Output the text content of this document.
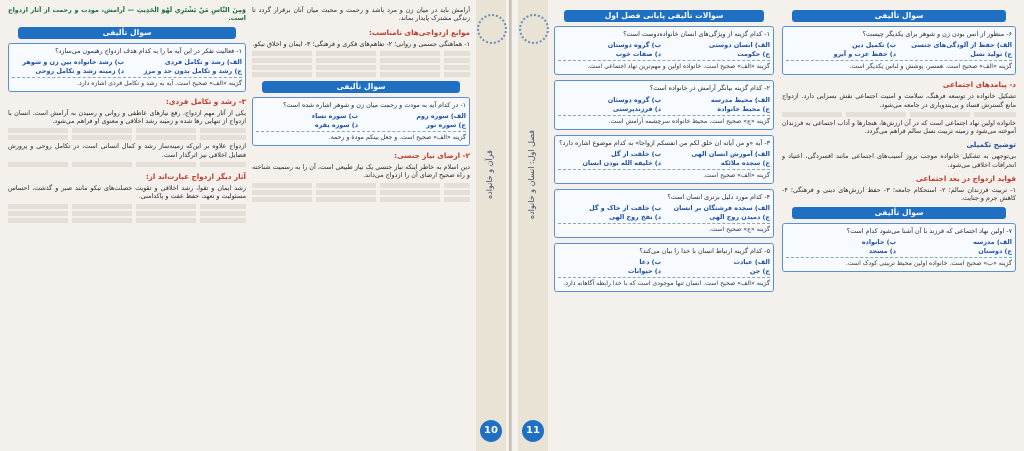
وَمِنَ النَّاسِ مَنْ يَشْتَرِي لَهْوَ الْحَدِيثِ — آرامش، مودت و رحمت از آثار ازدواج است.

سوال تألیفی

۱- فعالیت تفکر در این آیه ما را به کدام هدف ازدواج رهنمون می‌سازد؟

الف) رشد و تکامل فردی
ب) رشد خانواده بین زن و شوهر
ج) رشد و تکامل بدون حد و مرز
د) زمینه رشد و تکامل روحی
گزینه «الف» صحیح است. آیه به رشد و تکامل فردی اشاره دارد.
۳- رشد و تکامل فردی:

یکی از آثار مهم ازدواج، رفع نیازهای عاطفی و روانی و رسیدن به آرامش است. انسان با ازدواج از تنهایی رها شده و زمینه رشد اخلاقی و معنوی او فراهم می‌شود.

ازدواج علاوه بر این‌که زمینه‌ساز رشد و کمال انسانی است، در تکامل روحی و پرورش فضایل اخلاقی نیز اثرگذار است.

آثار دیگر ازدواج عبارت‌اند از:

رشد ایمان و تقوا، رشد اخلاقی و تقویت خصلت‌های نیکو مانند صبر و گذشت، احساس مسئولیت و تعهد، حفظ عفت و پاکدامنی.

آرامش باید در میان زن و مرد باشد و رحمت و محبت میان آنان برقرار گردد تا زندگی مشترک پایدار بماند.

موانع ازدواجی‌های نامناسب:

۱- هماهنگی جسمی و روانی؛ ۲- تفاهم‌های فکری و فرهنگی؛ ۳- ایمان و اخلاق نیکو.

سوال تألیفی

۱- در کدام آیه به مودت و رحمت میان زن و شوهر اشاره شده است؟

الف) سوره روم
ب) سوره نساء
ج) سوره نور
د) سوره بقره
گزینه «الف» صحیح است. و جعل بینکم مودة و رحمة.
۲- ارضای نیاز جنسی:

دین اسلام به خاطر اینکه نیاز جنسی یک نیاز طبیعی است، آن را به رسمیت شناخته و راه صحیح ارضای آن را ازدواج می‌داند. قرآن و خانواده
10
فصل اول: انسان و خانواده
11
سوالات تألیفی پایانی فصل اول

۱- کدام گزینه از ویژگی‌های انسان خانواده‌دوست است؟

الف) انسان دوستی
ب) گروه دوستان
ج) حکومت
د) صفات خوب
گزینه «الف» صحیح است. خانواده اولین و مهم‌ترین نهاد اجتماعی است.

۲- کدام گزینه بیانگر آرامش در خانواده است؟

الف) محیط مدرسه
ب) گروه دوستان
ج) محیط خانواده
د) فرزندپرستی
گزینه «ج» صحیح است. محیط خانواده سرچشمه آرامش است.

۳- آیه «و من آیاته ان خلق لکم من انفسکم ازواجا» به کدام موضوع اشاره دارد؟

الف) آموزش انسان الهی
ب) خلقت از گل
ج) سجده ملائکه
د) خلیفه الله بودن انسان
گزینه «الف» صحیح است.

۴- کدام مورد دلیل برتری انسان است؟

الف) سجده فرشتگان بر انسان
ب) خلقت از خاک و گل
ج) دمیدن روح الهی
د) نفخ روح الهی
گزینه «ج» صحیح است.

۵- کدام گزینه ارتباط انسان با خدا را بیان می‌کند؟

الف) عبادت
ب) دعا
ج) جن
د) حیوانات
گزینه «الف» صحیح است. انسان تنها موجودی است که با خدا رابطه آگاهانه دارد.
سوال تألیفی

۶- منظور از انس بودن زن و شوهر برای یکدیگر چیست؟

الف) حفظ از آلودگی‌های جنسی
ب) تکمیل دین
ج) تولید نسل
د) حفظ عزت و آبرو
گزینه «الف» صحیح است. همسر، پوشش و لباس یکدیگر است.
د- پیامدهای اجتماعی

تشکیل خانواده در توسعه فرهنگ، سلامت و امنیت اجتماعی نقش بسزایی دارد. ازدواج مانع گسترش فساد و بی‌بندوباری در جامعه می‌شود.

خانواده اولین نهاد اجتماعی است که در آن ارزش‌ها، هنجارها و آداب اجتماعی به فرزندان آموخته می‌شود و زمینه تربیت نسل سالم فراهم می‌گردد.

توضیح تکمیلی

بی‌توجهی به تشکیل خانواده موجب بروز آسیب‌های اجتماعی مانند افسردگی، اعتیاد و انحرافات اخلاقی می‌شود.

فواید ازدواج در بعد اجتماعی

۱- تربیت فرزندان سالم؛ ۲- استحکام جامعه؛ ۳- حفظ ارزش‌های دینی و فرهنگی؛ ۴- کاهش جرم و جنایت.

سوال تألیفی

۷- اولین نهاد اجتماعی که فرزند با آن آشنا می‌شود کدام است؟

الف) مدرسه
ب) خانواده
ج) دوستان
د) مسجد
گزینه «ب» صحیح است. خانواده اولین محیط تربیتی کودک است.
